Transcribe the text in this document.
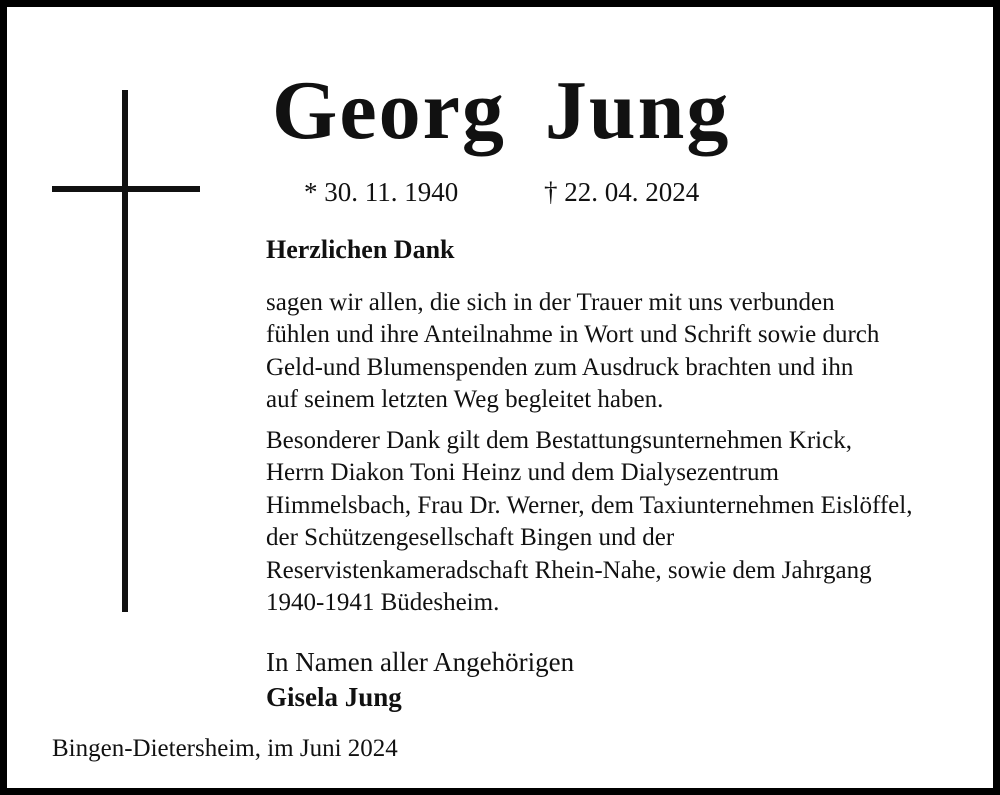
Georg Jung
* 30. 11. 1940	† 22. 04. 2024
Herzlichen Dank
sagen wir allen, die sich in der Trauer mit uns verbunden
fühlen und ihre Anteilnahme in Wort und Schrift sowie durch
Geld-und Blumenspenden zum Ausdruck brachten und ihn
auf seinem letzten Weg begleitet haben.
Besonderer Dank gilt dem Bestattungsunternehmen Krick,
Herrn Diakon Toni Heinz und dem Dialysezentrum
Himmelsbach, Frau Dr. Werner, dem Taxiunternehmen Eislöffel,
der Schützengesellschaft Bingen und der
Reservistenkameradschaft Rhein-Nahe, sowie dem Jahrgang
1940-1941 Büdesheim.
In Namen aller Angehörigen
Gisela Jung
Bingen-Dietersheim, im Juni 2024
